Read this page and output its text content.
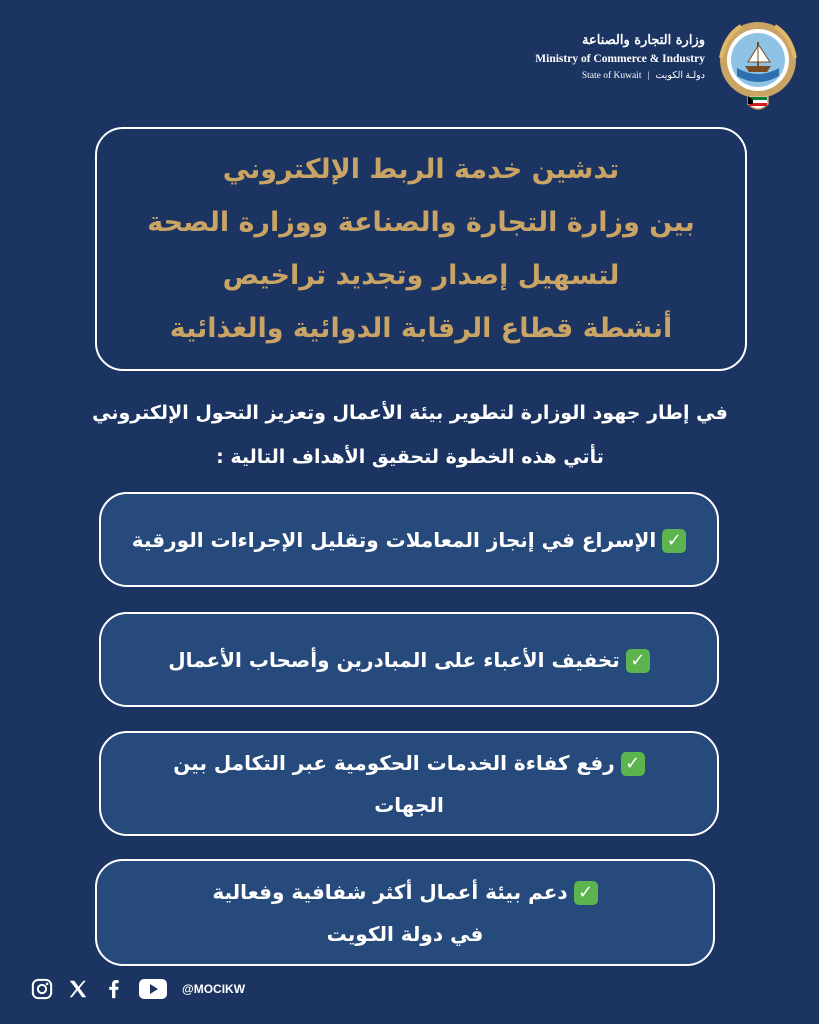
وزارة التجارة والصناعة
Ministry of Commerce & Industry
State of Kuwait | دولـة الكويت
تدشين خدمة الربط الإلكتروني
بين وزارة التجارة والصناعة ووزارة الصحة
لتسهيل إصدار وتجديد تراخيص
أنشطة قطاع الرقابة الدوائية والغذائية
في إطار جهود الوزارة لتطوير بيئة الأعمال وتعزيز التحول الإلكتروني
تأتي هذه الخطوة لتحقيق الأهداف التالية :
✓الإسراع في إنجاز المعاملات وتقليل الإجراءات الورقية
✓تخفيف الأعباء على المبادرين وأصحاب الأعمال
✓رفع كفاءة الخدمات الحكومية عبر التكامل بين
الجهات
✓دعم بيئة أعمال أكثر شفافية وفعالية
في دولة الكويت
@MOCIKW
